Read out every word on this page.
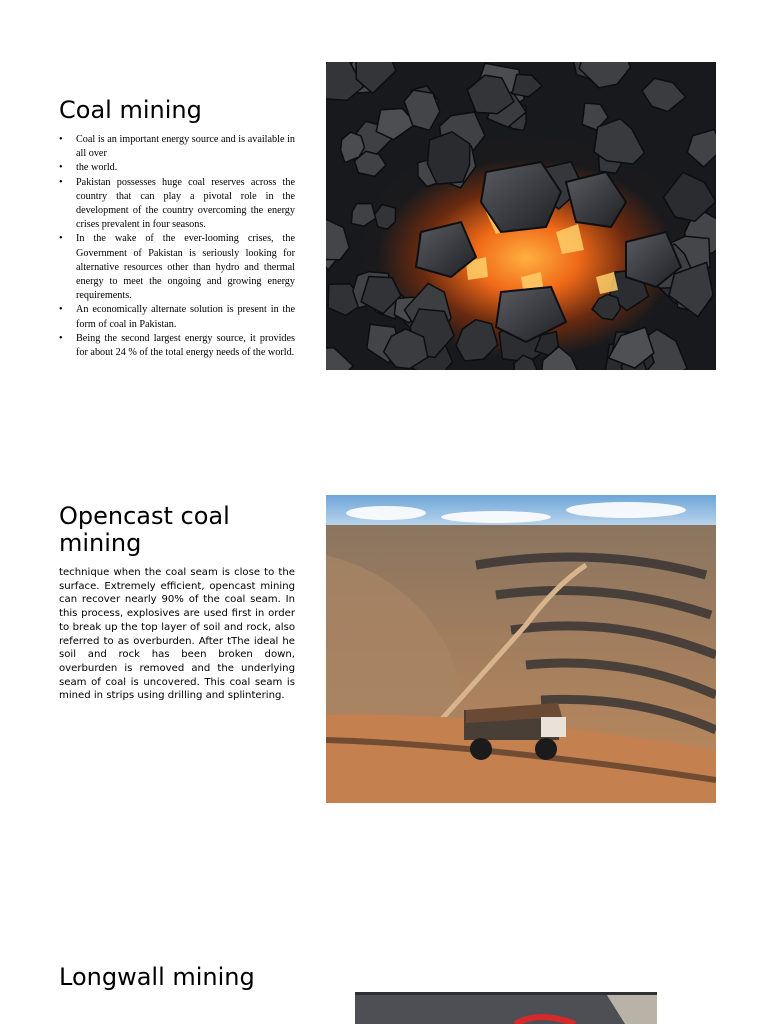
Coal mining
• Coal is an important energy source and is available in all over
• the world.
• Pakistan possesses huge coal reserves across the country that can play a pivotal role in the development of the country overcoming the energy crises prevalent in four seasons.
• In the wake of the ever-looming crises, the Government of Pakistan is seriously looking for alternative resources other than hydro and thermal energy to meet the ongoing and growing energy requirements.
• An economically alternate solution is present in the form of coal in Pakistan.
• Being the second largest energy source, it provides for about 24 % of the total energy needs of the world.
Opencast coal mining

technique when the coal seam is close to the surface. Extremely efficient, opencast mining can recover nearly 90% of the coal seam. In this process, explosives are used first in order to break up the top layer of soil and rock, also referred to as overburden. After tThe ideal he soil and rock has been broken down, overburden is removed and the underlying seam of coal is uncovered. This coal seam is mined in strips using drilling and splintering.

Longwall mining
